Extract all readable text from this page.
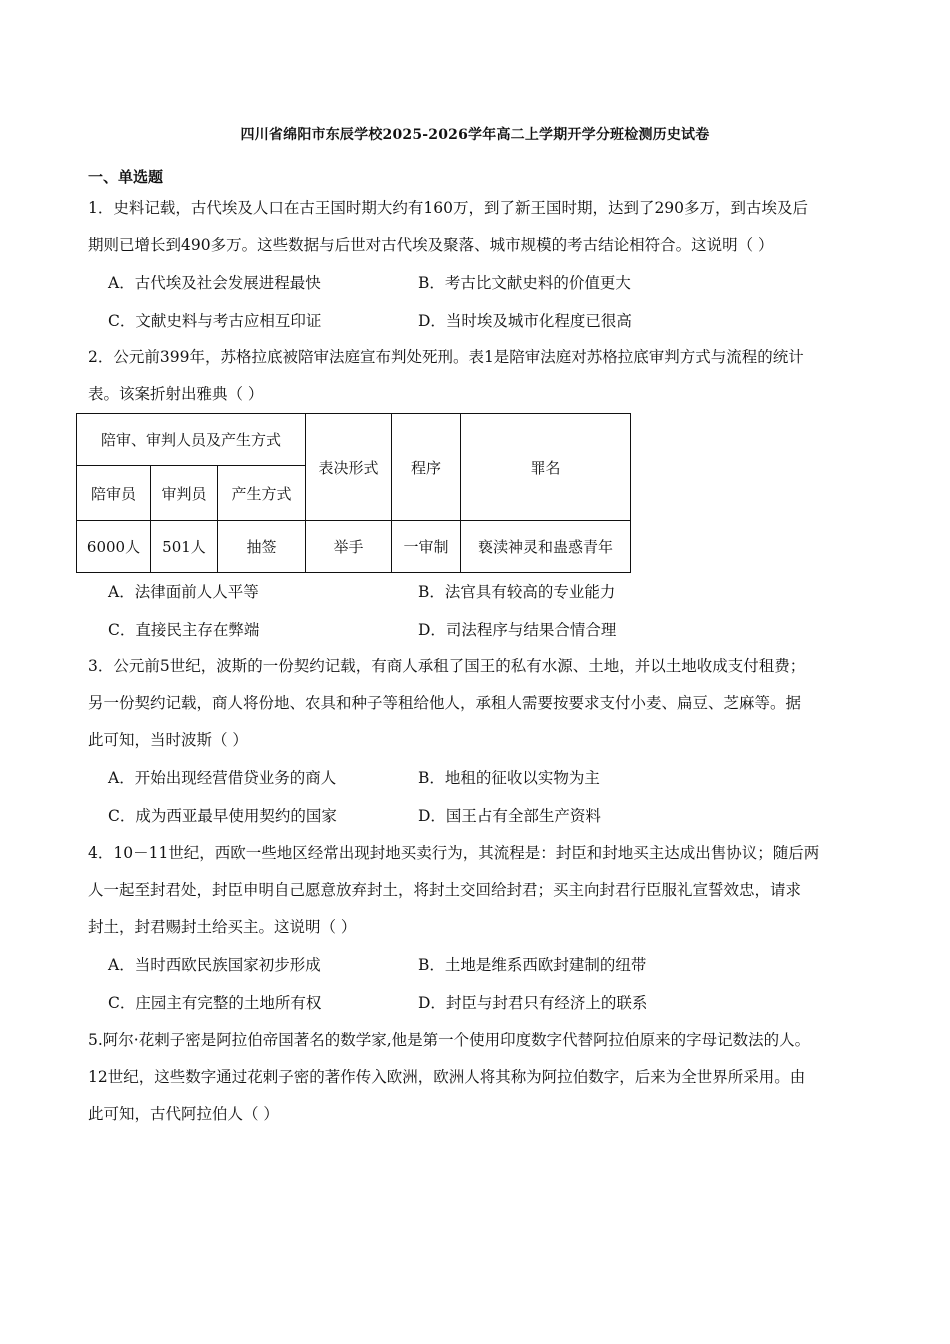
四川省绵阳市东辰学校2025-2026学年高二上学期开学分班检测历史试卷
一、单选题
1．史料记载，古代埃及人口在古王国时期大约有160万，到了新王国时期，达到了290多万，到古埃及后
期则已增长到490多万。这些数据与后世对古代埃及聚落、城市规模的考古结论相符合。这说明（ ）
A．古代埃及社会发展进程最快	B．考古比文献史料的价值更大
C．文献史料与考古应相互印证	D．当时埃及城市化程度已很高
2．公元前399年，苏格拉底被陪审法庭宣布判处死刑。表1是陪审法庭对苏格拉底审判方式与流程的统计
表。该案折射出雅典（ ）
陪审、审判人员及产生方式			表决形式	程序	罪名
陪审员	审判员	产生方式			
6000人	501人	抽签	举手	一审制	亵渎神灵和蛊惑青年
A．法律面前人人平等	B．法官具有较高的专业能力
C．直接民主存在弊端	D．司法程序与结果合情合理
3．公元前5世纪，波斯的一份契约记载，有商人承租了国王的私有水源、土地，并以土地收成支付租费；
另一份契约记载，商人将份地、农具和种子等租给他人，承租人需要按要求支付小麦、扁豆、芝麻等。据
此可知，当时波斯（ ）
A．开始出现经营借贷业务的商人	B．地租的征收以实物为主
C．成为西亚最早使用契约的国家	D．国王占有全部生产资料
4．10－11世纪，西欧一些地区经常出现封地买卖行为，其流程是：封臣和封地买主达成出售协议；随后两
人一起至封君处，封臣申明自己愿意放弃封土，将封土交回给封君；买主向封君行臣服礼宣誓效忠，请求
封土，封君赐封土给买主。这说明（ ）
A．当时西欧民族国家初步形成	B．土地是维系西欧封建制的纽带
C．庄园主有完整的土地所有权	D．封臣与封君只有经济上的联系
5.阿尔·花剌子密是阿拉伯帝国著名的数学家,他是第一个使用印度数字代替阿拉伯原来的字母记数法的人。
12世纪，这些数字通过花剌子密的著作传入欧洲，欧洲人将其称为阿拉伯数字，后来为全世界所采用。由
此可知，古代阿拉伯人（ ）
